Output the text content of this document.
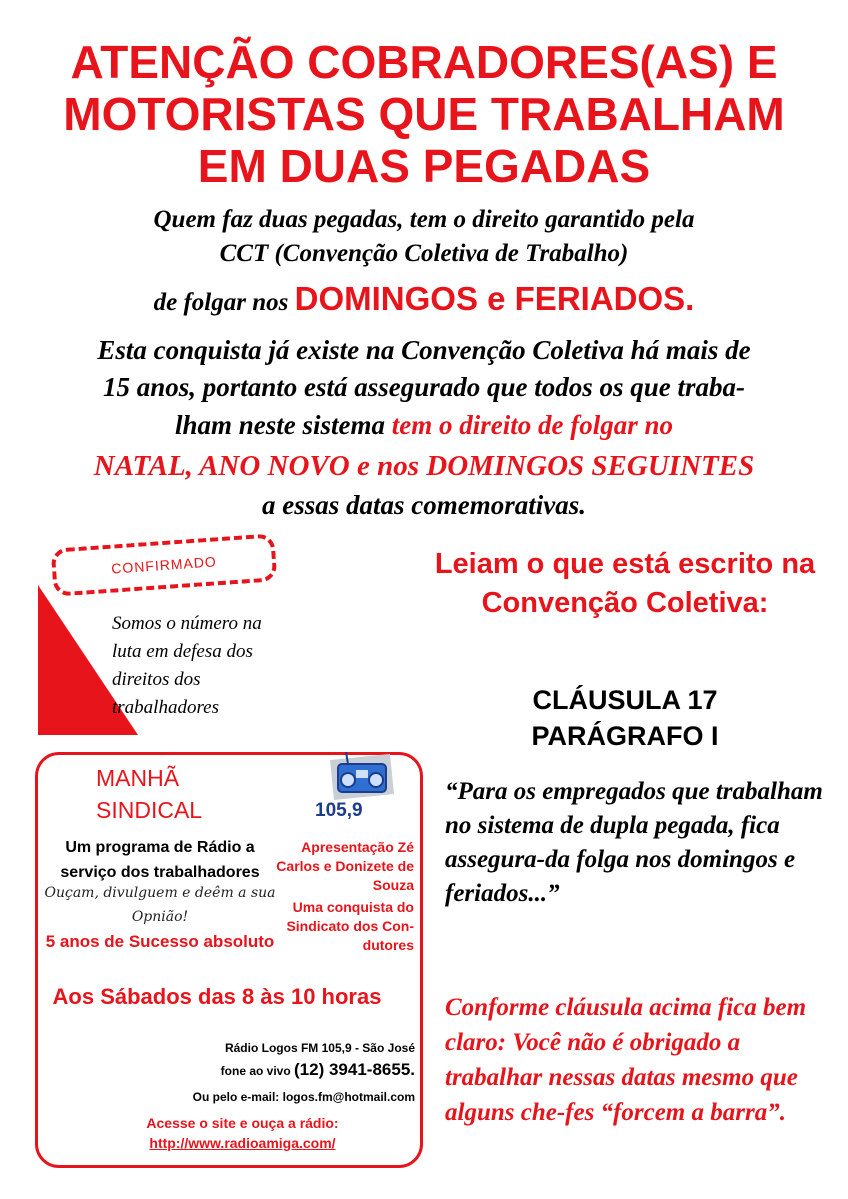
ATENÇÃO COBRADORES(AS) E
MOTORISTAS QUE TRABALHAM
EM DUAS PEGADAS
Quem faz duas pegadas, tem o direito garantido pela
CCT (Convenção Coletiva de Trabalho)
de folgar nos DOMINGOS e FERIADOS.
Esta conquista já existe na Convenção Coletiva há mais de
15 anos, portanto está assegurado que todos os que traba-
lham neste sistema tem o direito de folgar no
NATAL, ANO NOVO e nos DOMINGOS SEGUINTES
a essas datas comemorativas.
CONFIRMADO
Somos o número na luta em defesa dos direitos dos trabalhadores
MANHÃ
SINDICAL
Um programa de Rádio a serviço dos trabalhadores
Ouçam, divulguem e deêm a sua Opnião!
5 anos de Sucesso absoluto
105,9
Apresentação Zé Carlos e Donizete de Souza
Uma conquista do Sindicato dos Con- dutores
Aos Sábados das 8 às 10 horas
Rádio Logos FM 105,9 - São José
fone ao vivo (12) 3941-8655.
Ou pelo e-mail: logos.fm@hotmail.com
Acesse o site e ouça a rádio:
http://www.radioamiga.com/
Leiam o que está escrito na Convenção Coletiva:
CLÁUSULA 17
PARÁGRAFO I
“Para os empregados que trabalham no sistema de dupla pegada, fica assegura-da folga nos domingos e feriados...”
Conforme cláusula acima fica bem claro: Você não é obrigado a trabalhar nessas datas mesmo que alguns che-fes “forcem a barra”.
